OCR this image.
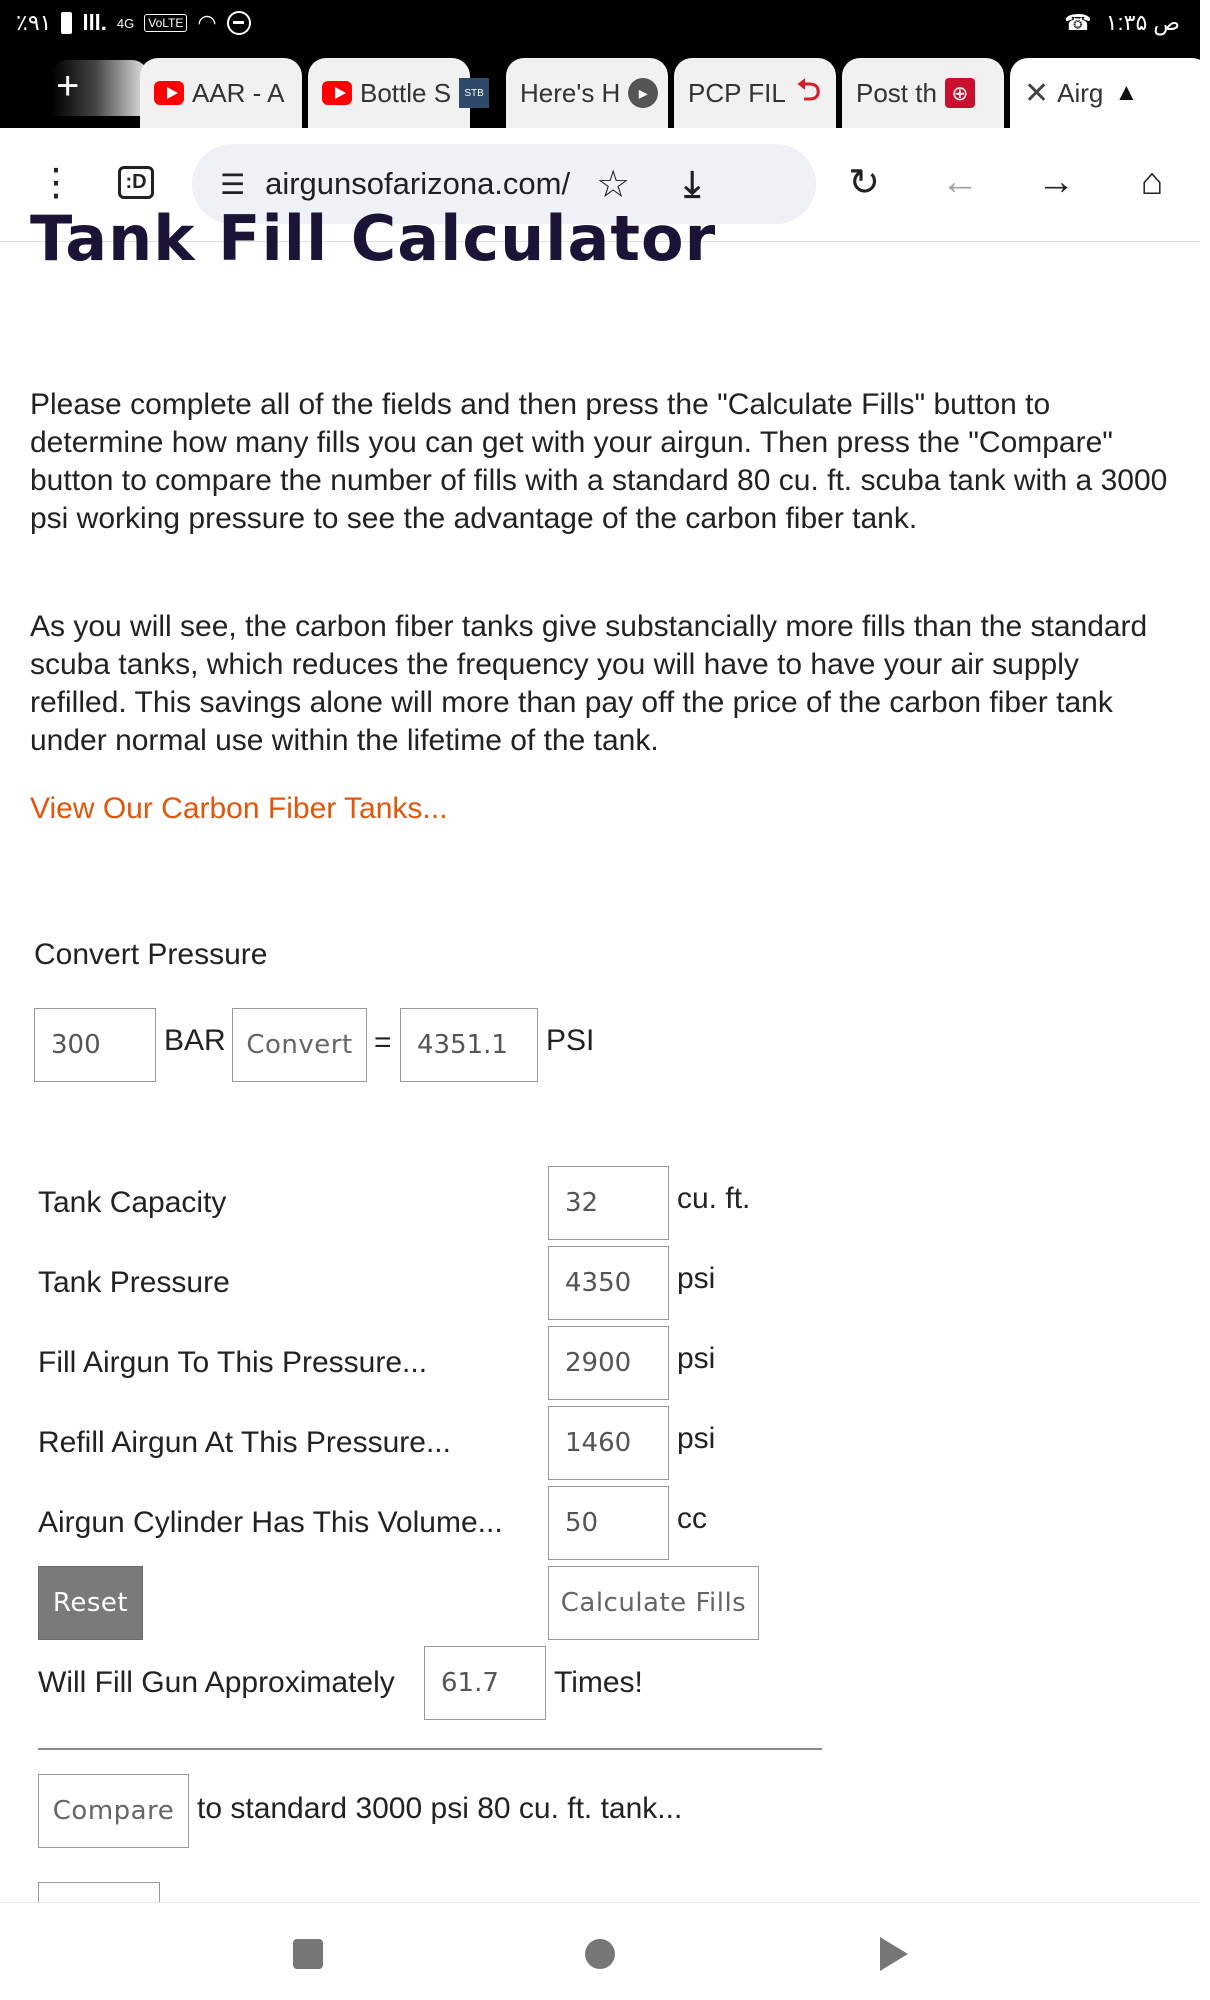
٪۹۱ lll. 4G	VoLTE ◠	☎ ۱:۳۵ ص
+	AAR - A	Bottle S	STB Here's H	▸	PCP FIL ⮌ Post th ⊕ ✕ Airg ▲
⋮	:D	☰ airgunsofarizona.com/ ☆ ⤓	↻	← →	⌂
Tank Fill Calculator
Please complete all of the fields and then press the "Calculate Fills" button to determine how many fills you can get with your airgun. Then press the "Compare" button to compare the number of fills with a standard 80 cu. ft. scuba tank with a 3000 psi working pressure to see the advantage of the carbon fiber tank.
As you will see, the carbon fiber tanks give substancially more fills than the standard scuba tanks, which reduces the frequency you will have to have your air supply refilled. This savings alone will more than pay off the price of the carbon fiber tank under normal use within the lifetime of the tank.
View Our Carbon Fiber Tanks...
Convert Pressure
300	BAR Convert = 4351.1	PSI
Tank Capacity	32	cu. ft.
Tank Pressure	4350	psi
Fill Airgun To This Pressure...	2900	psi
Refill Airgun At This Pressure...	1460	psi
Airgun Cylinder Has This Volume...	50	cc
Reset	Calculate Fills
Will Fill Gun Approximately	61.7	Times!
Compare to standard 3000 psi 80 cu. ft. tank...
